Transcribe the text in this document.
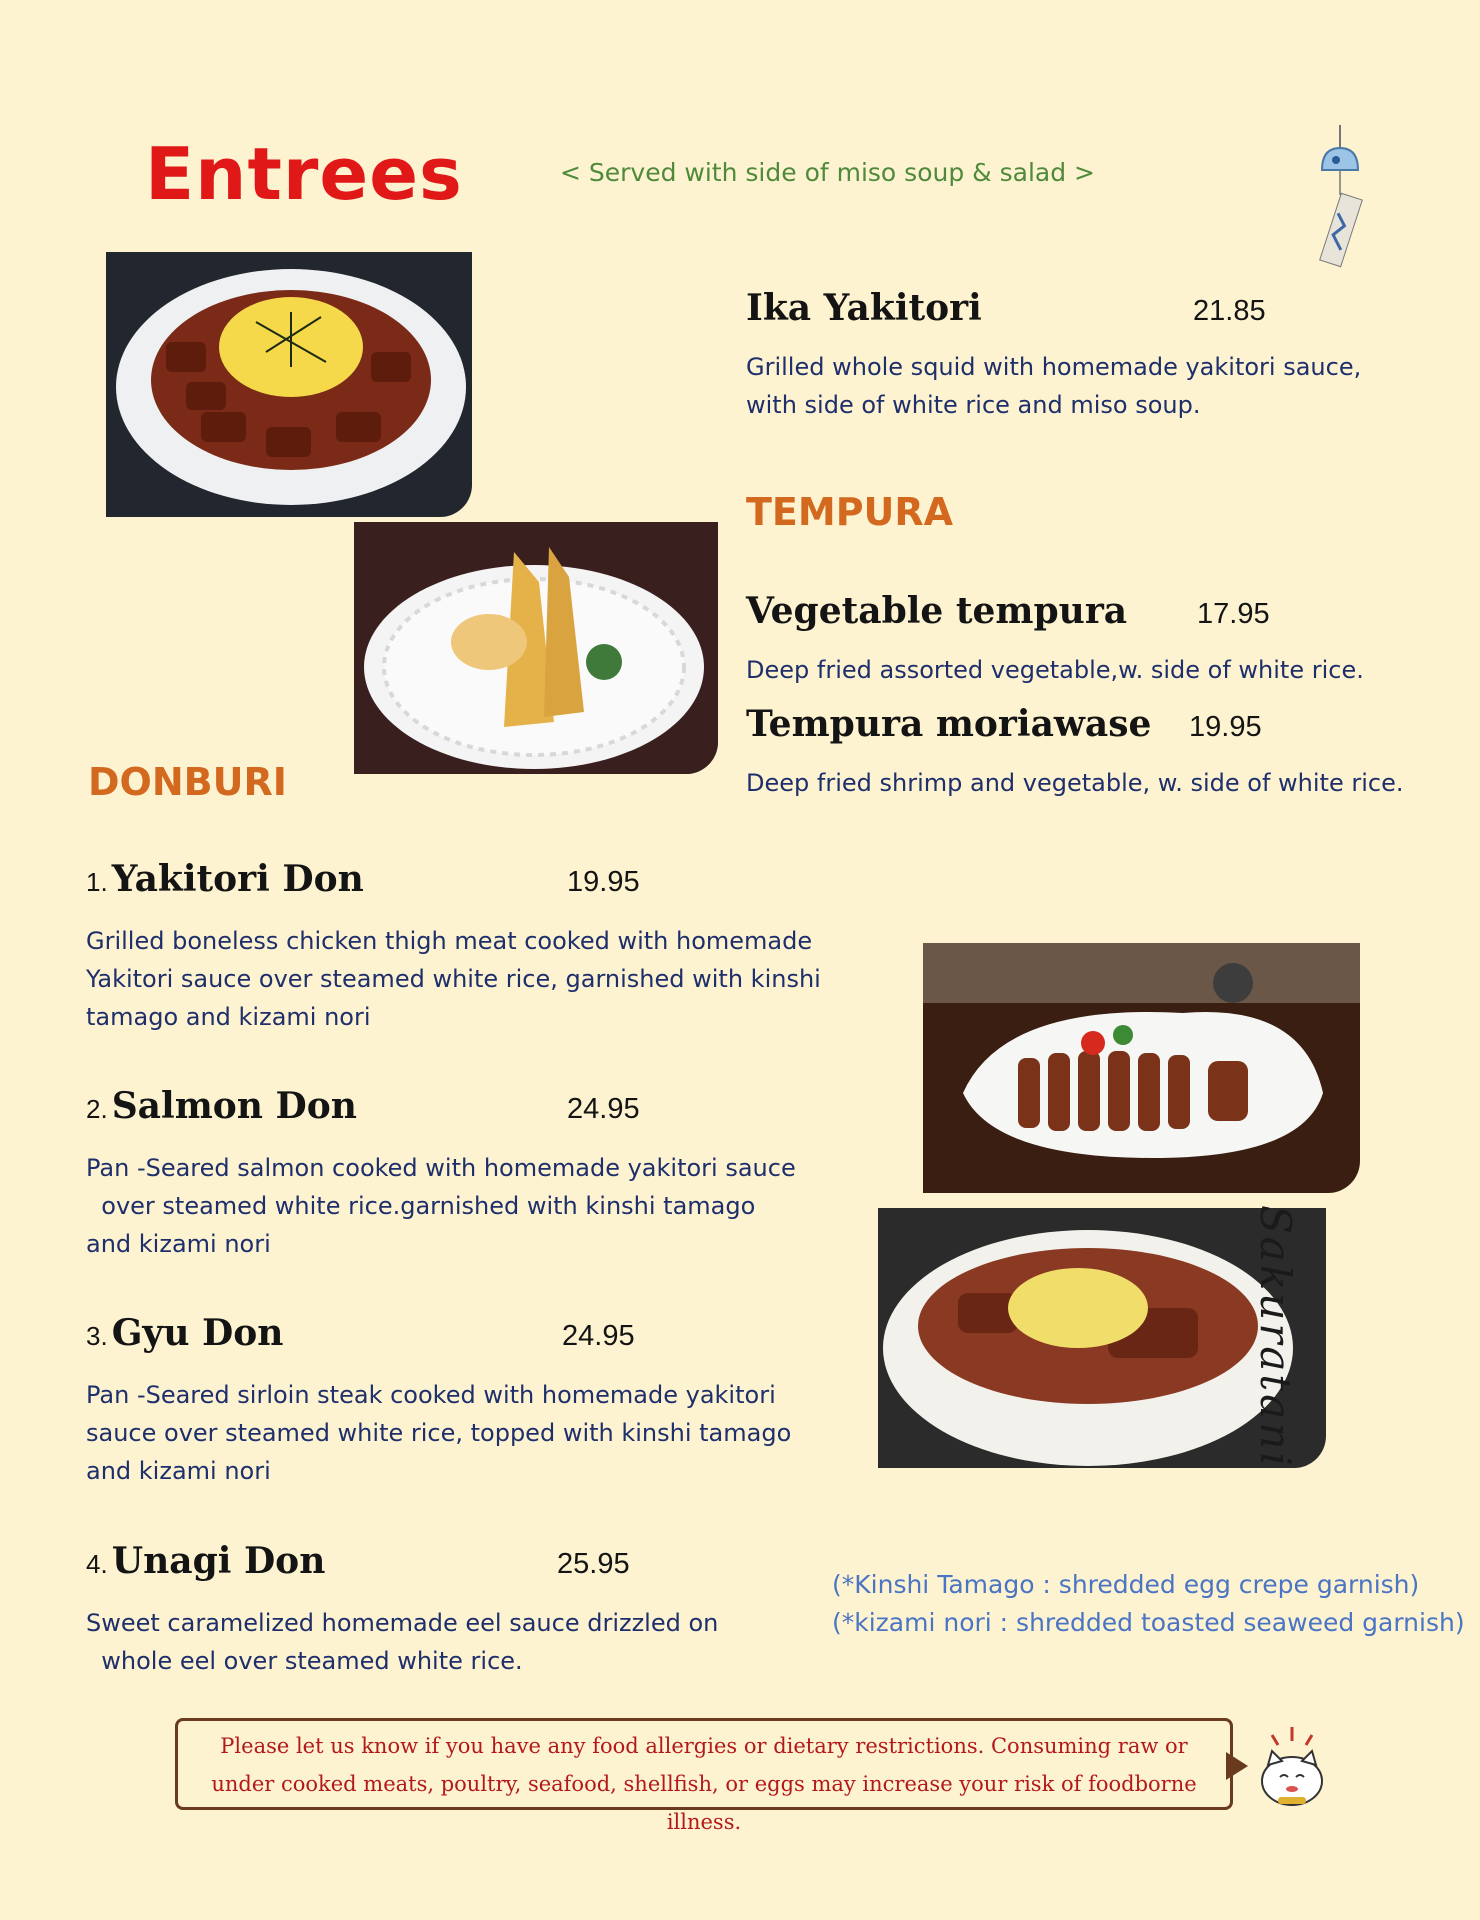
Entrees	< Served with side of miso soup & salad >
Ika Yakitori	21.85
Grilled whole squid with homemade yakitori sauce,
with side of white rice and miso soup.
TEMPURA
Vegetable tempura 17.95
Deep fried assorted vegetable,w. side of white rice.
Tempura moriawase 19.95
Deep fried shrimp and vegetable, w. side of white rice.
DONBURI
1. Yakitori Don	19.95
Grilled boneless chicken thigh meat cooked with homemade
Yakitori sauce over steamed white rice, garnished with kinshi
tamago and kizami nori
2. Salmon Don	24.95
Pan -Seared salmon cooked with homemade yakitori sauce
over steamed white rice.garnished with kinshi tamago
and kizami nori
3. Gyu Don	24.95
Pan -Seared sirloin steak cooked with homemade yakitori
sauce over steamed white rice, topped with kinshi tamago
and kizami nori
4. Unagi Don	25.95
Sweet caramelized homemade eel sauce drizzled on
whole eel over steamed white rice.
Sakuratani
(*Kinshi Tamago : shredded egg crepe garnish)
(*kizami nori : shredded toasted seaweed garnish)
Please let us know if you have any food allergies or dietary restrictions. Consuming raw or
under cooked meats, poultry, seafood, shellfish, or eggs may increase your risk of foodborne illness.
